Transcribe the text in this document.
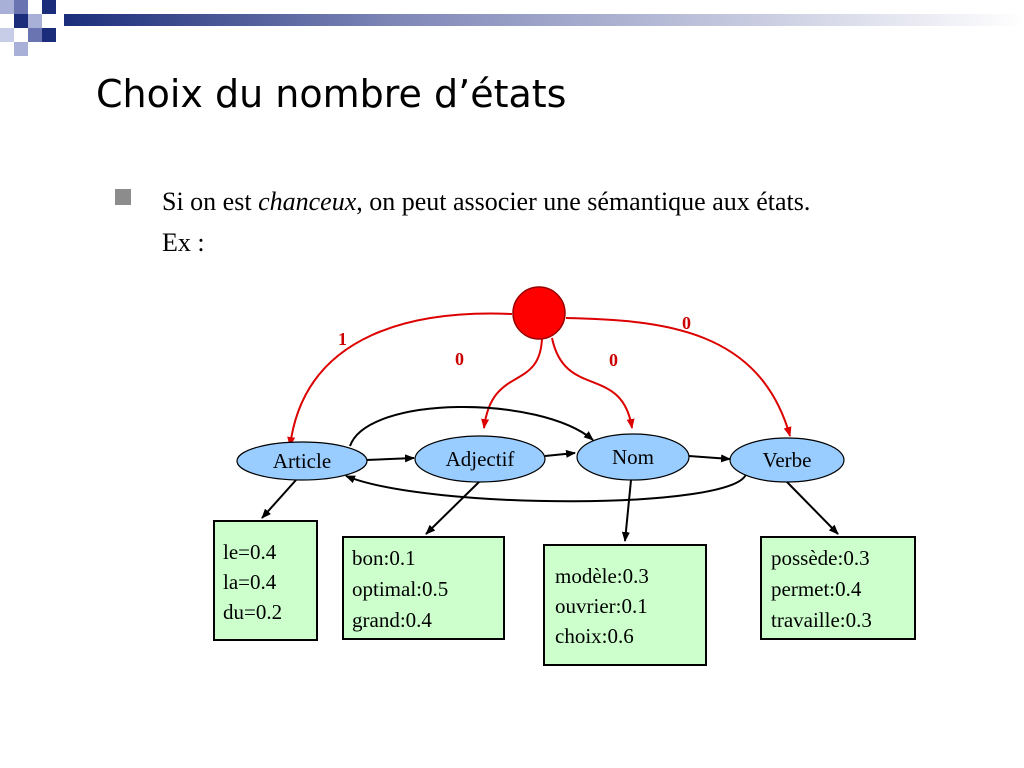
Choix du nombre d’états
Si on est chanceux, on peut associer une sémantique aux états.
Ex :
1
0	0
0
Article	Adjectif	Nom	Verbe
le=0.4
la=0.4
du=0.2
bon:0.1
optimal:0.5
grand:0.4
modèle:0.3
ouvrier:0.1
choix:0.6
possède:0.3
permet:0.4
travaille:0.3
